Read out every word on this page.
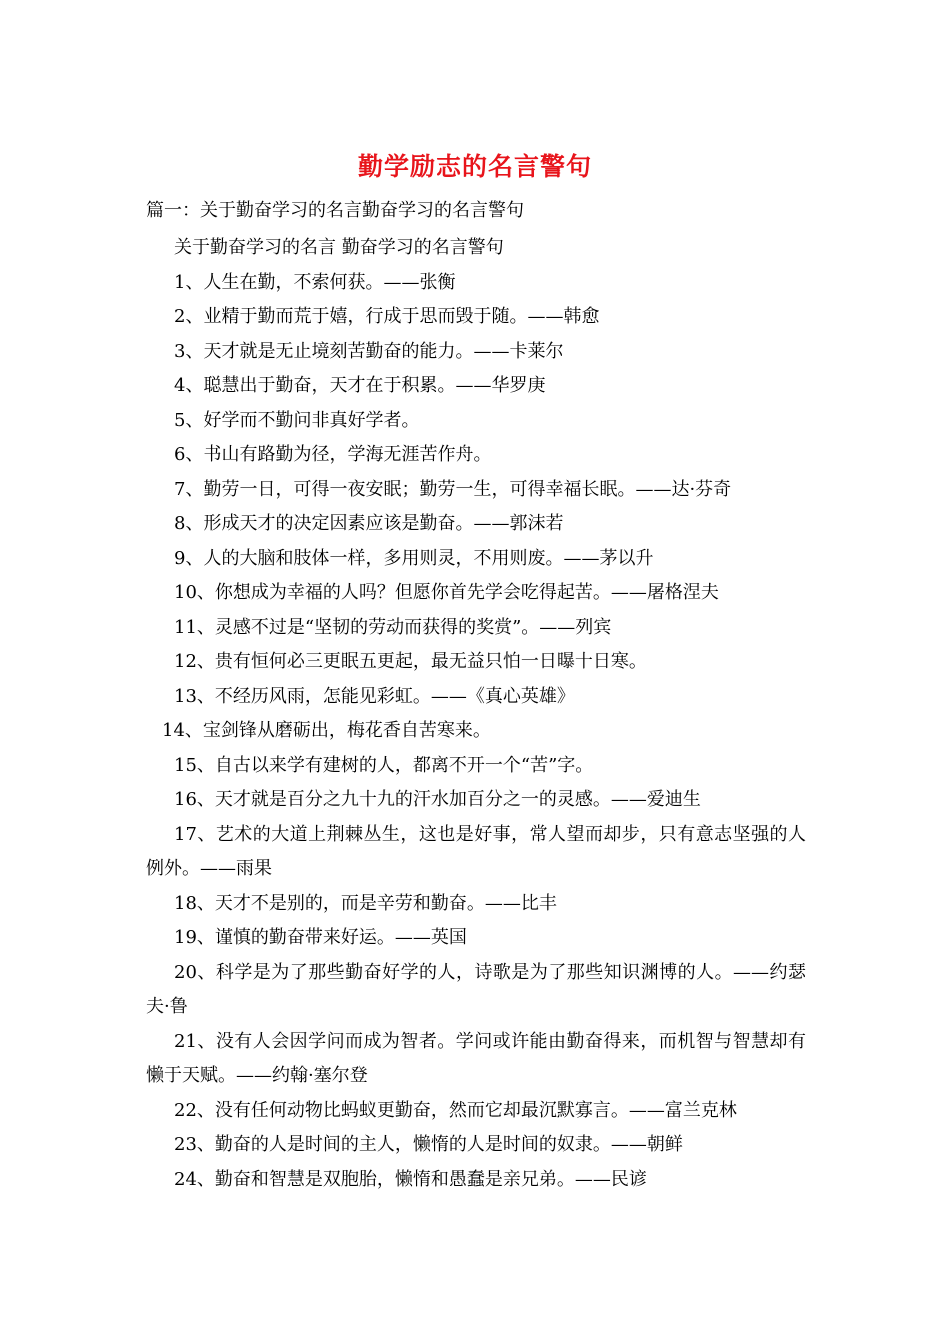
勤学励志的名言警句
篇一：关于勤奋学习的名言勤奋学习的名言警句

关于勤奋学习的名言 勤奋学习的名言警句

1、人生在勤，不索何获。——张衡

2、业精于勤而荒于嬉，行成于思而毁于随。——韩愈

3、天才就是无止境刻苦勤奋的能力。——卡莱尔

4、聪慧出于勤奋，天才在于积累。——华罗庚

5、好学而不勤问非真好学者。

6、书山有路勤为径，学海无涯苦作舟。

7、勤劳一日，可得一夜安眠；勤劳一生，可得幸福长眠。——达·芬奇

8、形成天才的决定因素应该是勤奋。——郭沫若

9、人的大脑和肢体一样，多用则灵，不用则废。——茅以升

10、你想成为幸福的人吗？但愿你首先学会吃得起苦。——屠格涅夫

11、灵感不过是“坚韧的劳动而获得的奖赏”。——列宾

12、贵有恒何必三更眠五更起，最无益只怕一日曝十日寒。

13、不经历风雨，怎能见彩虹。——《真心英雄》

14、宝剑锋从磨砺出，梅花香自苦寒来。

15、自古以来学有建树的人，都离不开一个“苦”字。

16、天才就是百分之九十九的汗水加百分之一的灵感。——爱迪生

17、艺术的大道上荆棘丛生，这也是好事，常人望而却步，只有意志坚强的人例外。——雨果

18、天才不是别的，而是辛劳和勤奋。——比丰

19、谨慎的勤奋带来好运。——英国

20、科学是为了那些勤奋好学的人，诗歌是为了那些知识渊博的人。——约瑟夫·鲁

21、没有人会因学问而成为智者。学问或许能由勤奋得来，而机智与智慧却有懒于天赋。——约翰·塞尔登

22、没有任何动物比蚂蚁更勤奋，然而它却最沉默寡言。——富兰克林

23、勤奋的人是时间的主人，懒惰的人是时间的奴隶。——朝鲜

24、勤奋和智慧是双胞胎，懒惰和愚蠢是亲兄弟。——民谚
